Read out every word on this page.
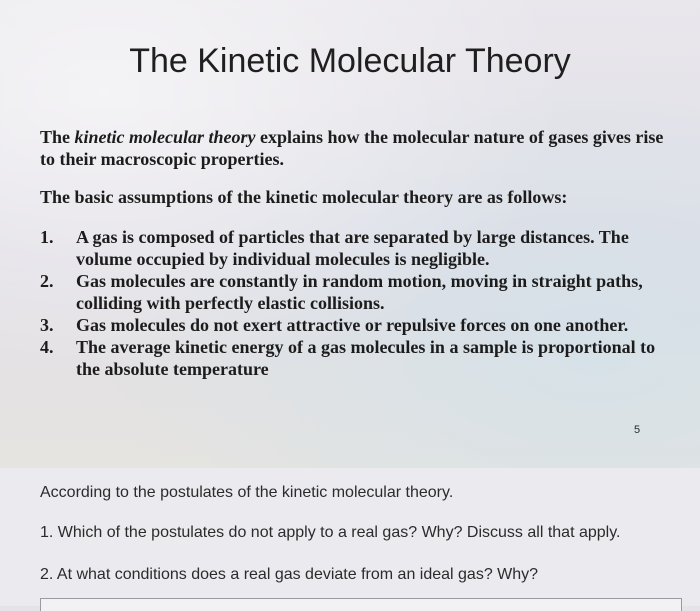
The Kinetic Molecular Theory
The kinetic molecular theory explains how the molecular nature of gases gives rise to their macroscopic properties.
The basic assumptions of the kinetic molecular theory are as follows:
1.	A gas is composed of particles that are separated by large distances. The volume occupied by individual molecules is negligible.
2.	Gas molecules are constantly in random motion, moving in straight paths, colliding with perfectly elastic collisions.
3.	Gas molecules do not exert attractive or repulsive forces on one another.
4.	The average kinetic energy of a gas molecules in a sample is proportional to the absolute temperature
5
According to the postulates of the kinetic molecular theory.
1. Which of the postulates do not apply to a real gas? Why? Discuss all that apply.
2. At what conditions does a real gas deviate from an ideal gas? Why?
